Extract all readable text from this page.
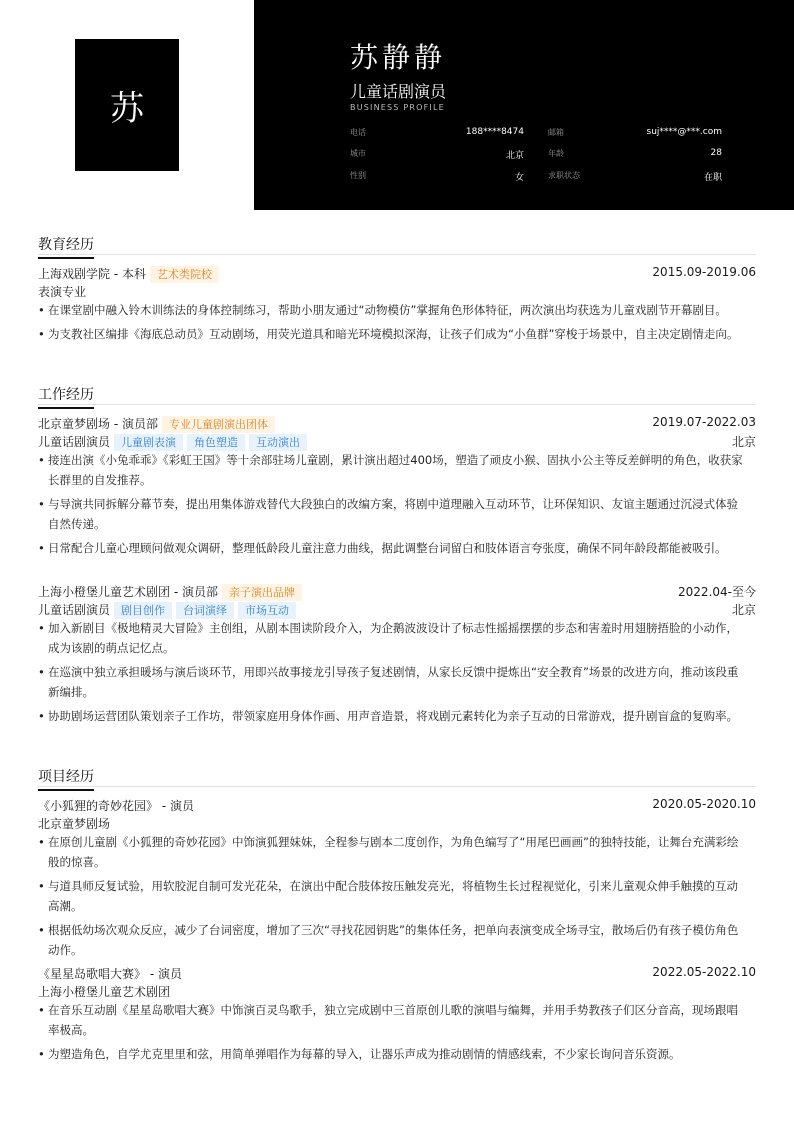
苏
苏静静
儿童话剧演员
BUSINESS PROFILE
电话	188****8474	邮箱	suj****@***.com
城市	北京	年龄	28
性别	女	求职状态	在职
教育经历
上海戏剧学院 - 本科 艺术类院校	2015.09-2019.06
表演专业
• 在课堂剧中融入铃木训练法的身体控制练习，帮助小朋友通过“动物模仿”掌握角色形体特征，两次演出均获选为儿童戏剧节开幕剧目。
• 为支教社区编排《海底总动员》互动剧场，用荧光道具和暗光环境模拟深海，让孩子们成为“小鱼群”穿梭于场景中，自主决定剧情走向。
工作经历
北京童梦剧场 - 演员部 专业儿童剧演出团体	2019.07-2022.03
儿童话剧演员 儿童剧表演 角色塑造 互动演出	北京
• 接连出演《小兔乖乖》《彩虹王国》等十余部驻场儿童剧，累计演出超过400场，塑造了顽皮小猴、固执小公主等反差鲜明的角色，收获家长群里的自发推荐。
• 与导演共同拆解分幕节奏，提出用集体游戏替代大段独白的改编方案，将剧中道理融入互动环节，让环保知识、友谊主题通过沉浸式体验自然传递。
• 日常配合儿童心理顾问做观众调研，整理低龄段儿童注意力曲线，据此调整台词留白和肢体语言夸张度，确保不同年龄段都能被吸引。
上海小橙堡儿童艺术剧团 - 演员部 亲子演出品牌	2022.04-至今
儿童话剧演员 剧目创作 台词演绎 市场互动	北京
• 加入新剧目《极地精灵大冒险》主创组，从剧本围读阶段介入，为企鹅波波设计了标志性摇摇摆摆的步态和害羞时用翅膀捂脸的小动作，成为该剧的萌点记忆点。
• 在巡演中独立承担暖场与演后谈环节，用即兴故事接龙引导孩子复述剧情，从家长反馈中提炼出“安全教育”场景的改进方向，推动该段重新编排。
• 协助剧场运营团队策划亲子工作坊，带领家庭用身体作画、用声音造景，将戏剧元素转化为亲子互动的日常游戏，提升剧盲盒的复购率。
项目经历
《小狐狸的奇妙花园》 - 演员	2020.05-2020.10
北京童梦剧场
• 在原创儿童剧《小狐狸的奇妙花园》中饰演狐狸妹妹，全程参与剧本二度创作，为角色编写了“用尾巴画画”的独特技能，让舞台充满彩绘般的惊喜。
• 与道具师反复试验，用软胶泥自制可发光花朵，在演出中配合肢体按压触发亮光，将植物生长过程视觉化，引来儿童观众伸手触摸的互动高潮。
• 根据低幼场次观众反应，减少了台词密度，增加了三次“寻找花园钥匙”的集体任务，把单向表演变成全场寻宝，散场后仍有孩子模仿角色动作。
《星星岛歌唱大赛》 - 演员	2022.05-2022.10
上海小橙堡儿童艺术剧团
• 在音乐互动剧《星星岛歌唱大赛》中饰演百灵鸟歌手，独立完成剧中三首原创儿歌的演唱与编舞，并用手势教孩子们区分音高，现场跟唱率极高。
• 为塑造角色，自学尤克里里和弦，用简单弹唱作为每幕的导入，让器乐声成为推动剧情的情感线索，不少家长询问音乐资源。
